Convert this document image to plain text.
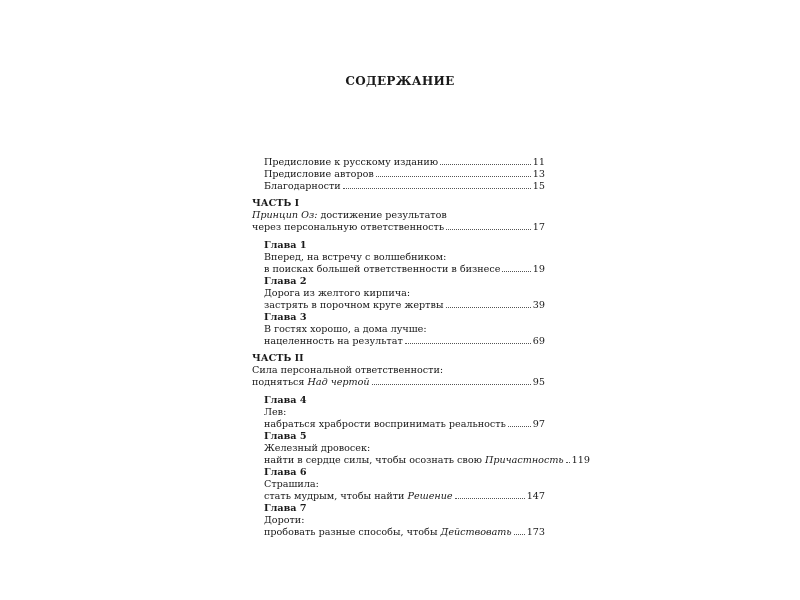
СОДЕРЖАНИЕ
Предисловие к русскому изданию	11
Предисловие авторов	13
Благодарности	15
ЧАСТЬ I
Принцип Оз: достижение результатов
через персональную ответственность	17
Глава 1
Вперед, на встречу с волшебником:
в поисках большей ответственности в бизнесе	19
Глава 2
Дорога из желтого кирпича:
застрять в порочном круге жертвы	39
Глава 3
В гостях хорошо, а дома лучше:
нацеленность на результат	69
ЧАСТЬ II
Сила персональной ответственности:
подняться Над чертой	95
Глава 4
Лев:
набраться храбрости воспринимать реальность	97
Глава 5
Железный дровосек:
найти в сердце силы, чтобы осознать свою Причастность 119
Глава 6
Страшила:
стать мудрым, чтобы найти Решение	147
Глава 7
Дороти:
пробовать разные способы, чтобы Действовать 173
